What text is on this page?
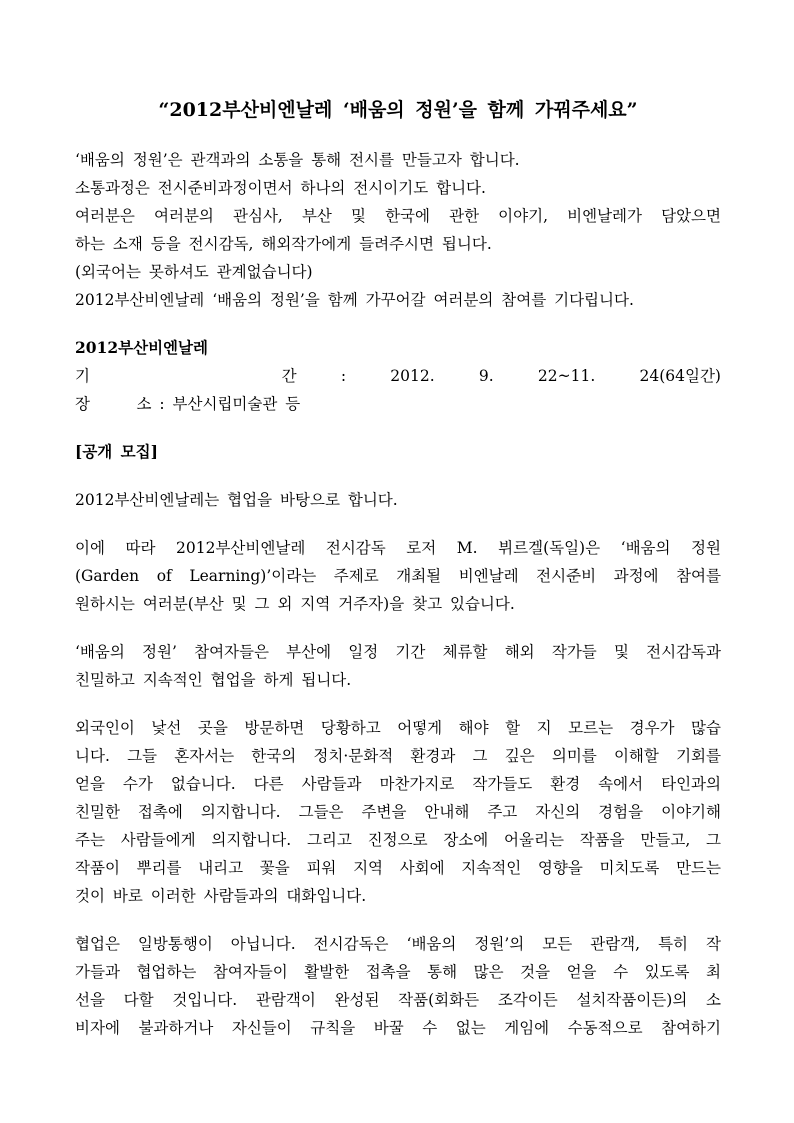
“2012부산비엔날레 ‘배움의 정원’을 함께 가꿔주세요”
‘배움의 정원’은 관객과의 소통을 통해 전시를 만들고자 합니다.
소통과정은 전시준비과정이면서 하나의 전시이기도 합니다.
여러분은 여러분의 관심사, 부산 및 한국에 관한 이야기, 비엔날레가 담았으면
하는 소재 등을 전시감독, 해외작가에게 들려주시면 됩니다.
(외국어는 못하셔도 관계없습니다)
2012부산비엔날레 ‘배움의 정원’을 함께 가꾸어갈 여러분의 참여를 기다립니다.
2012부산비엔날레
기　　　간 : 2012. 9. 22~11. 24(64일간)
장　　　소 : 부산시립미술관 등
[공개 모집]
2012부산비엔날레는 협업을 바탕으로 합니다.
이에 따라 2012부산비엔날레 전시감독 로저 M. 뷔르겔(독일)은 ‘배움의 정원
(Garden of Learning)’이라는 주제로 개최될 비엔날레 전시준비 과정에 참여를
원하시는 여러분(부산 및 그 외 지역 거주자)을 찾고 있습니다.
‘배움의 정원’ 참여자들은 부산에 일정 기간 체류할 해외 작가들 및 전시감독과
친밀하고 지속적인 협업을 하게 됩니다.
외국인이 낯선 곳을 방문하면 당황하고 어떻게 해야 할 지 모르는 경우가 많습
니다. 그들 혼자서는 한국의 정치·문화적 환경과 그 깊은 의미를 이해할 기회를
얻을 수가 없습니다. 다른 사람들과 마찬가지로 작가들도 환경 속에서 타인과의
친밀한 접촉에 의지합니다. 그들은 주변을 안내해 주고 자신의 경험을 이야기해
주는 사람들에게 의지합니다. 그리고 진정으로 장소에 어울리는 작품을 만들고, 그
작품이 뿌리를 내리고 꽃을 피워 지역 사회에 지속적인 영향을 미치도록 만드는
것이 바로 이러한 사람들과의 대화입니다.
협업은 일방통행이 아닙니다. 전시감독은 ‘배움의 정원’의 모든 관람객, 특히 작
가들과 협업하는 참여자들이 활발한 접촉을 통해 많은 것을 얻을 수 있도록 최
선을 다할 것입니다. 관람객이 완성된 작품(회화든 조각이든 설치작품이든)의 소
비자에 불과하거나 자신들이 규칙을 바꿀 수 없는 게임에 수동적으로 참여하기
